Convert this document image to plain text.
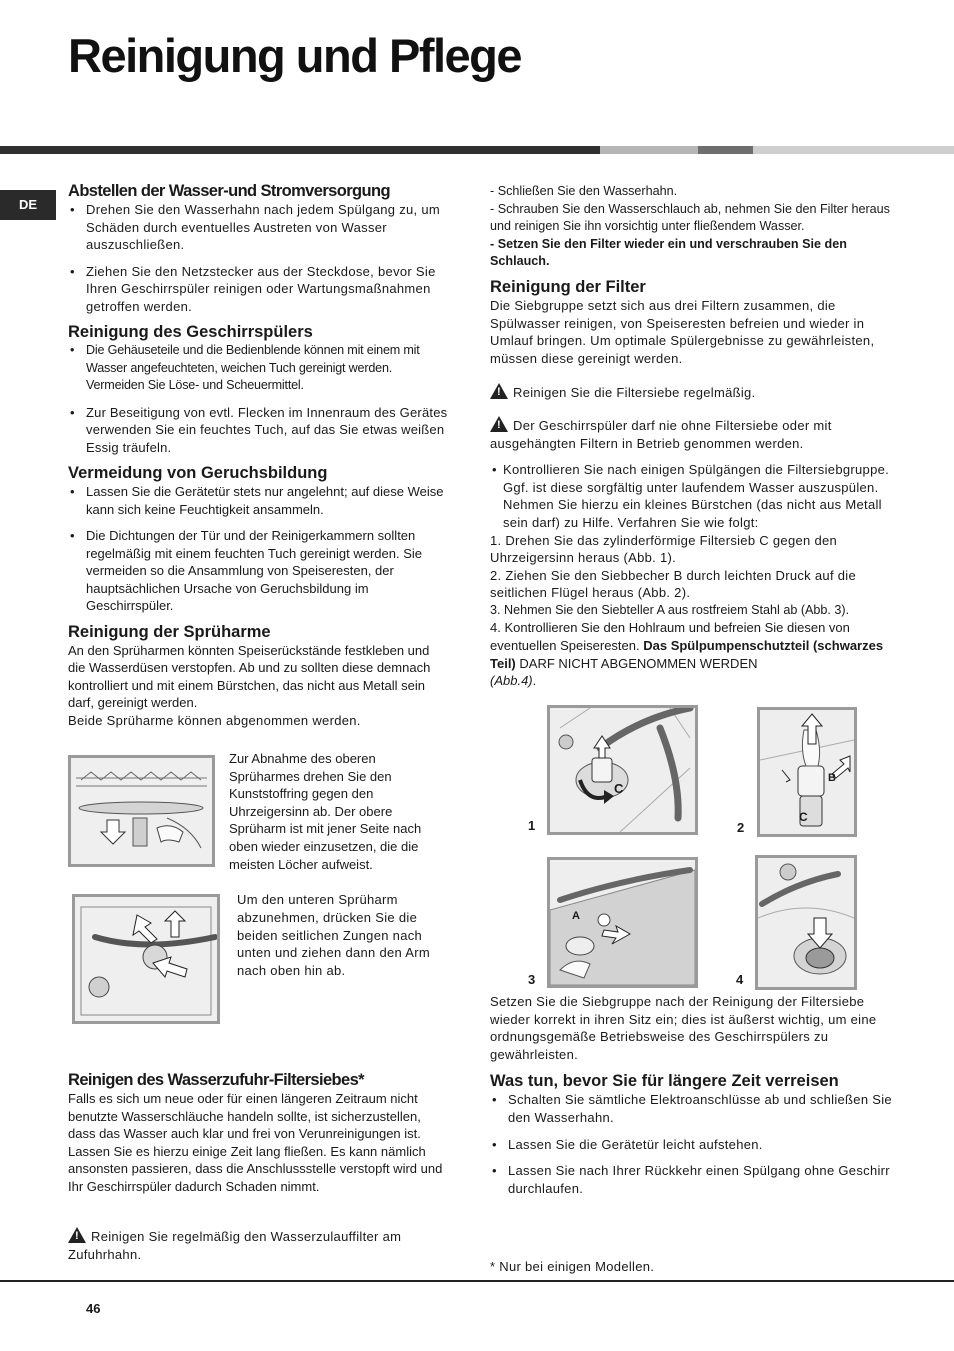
Reinigung und Pflege
DE

Abstellen der Wasser-und Stromversorgung

• Drehen Sie den Wasserhahn nach jedem Spülgang zu, um Schäden durch eventuelles Austreten von Wasser auszuschließen.
• Ziehen Sie den Netzstecker aus der Steckdose, bevor Sie Ihren Geschirrspüler reinigen oder Wartungsmaßnahmen getroffen werden.

Reinigung des Geschirrspülers

• Die Gehäuseteile und die Bedienblende können mit einem mit Wasser angefeuchteten, weichen Tuch gereinigt werden. Vermeiden Sie Löse- und Scheuermittel.
• Zur Beseitigung von evtl. Flecken im Innenraum des Gerätes verwenden Sie ein feuchtes Tuch, auf das Sie etwas weißen Essig träufeln.

Vermeidung von Geruchsbildung

• Lassen Sie die Gerätetür stets nur angelehnt; auf diese Weise kann sich keine Feuchtigkeit ansammeln.
• Die Dichtungen der Tür und der Reinigerkammern sollten regelmäßig mit einem feuchten Tuch gereinigt werden. Sie vermeiden so die Ansammlung von Speiseresten, der hauptsächlichen Ursache von Geruchsbildung im Geschirrspüler.

Reinigung der Sprüharme

An den Sprüharmen könnten Speiserückstände festkleben und die Wasserdüsen verstopfen. Ab und zu sollten diese demnach kontrolliert und mit einem Bürstchen, das nicht aus Metall sein darf, gereinigt werden.

Beide Sprüharme können abgenommen werden.

Zur Abnahme des oberen Sprüharmes drehen Sie den Kunststoffring gegen den Uhrzeigersinn ab. Der obere Sprüharm ist mit jener Seite nach oben wieder einzusetzen, die die meisten Löcher aufweist.
Um den unteren Sprüharm abzunehmen, drücken Sie die beiden seitlichen Zungen nach unten und ziehen dann den Arm nach oben hin ab.

Reinigen des Wasserzufuhr-Filtersiebes*

Falls es sich um neue oder für einen längeren Zeitraum nicht benutzte Wasserschläuche handeln sollte, ist sicherzustellen, dass das Wasser auch klar und frei von Verunreinigungen ist. Lassen Sie es hierzu einige Zeit lang fließen. Es kann nämlich ansonsten passieren, dass die Anschlussstelle verstopft wird und Ihr Geschirrspüler dadurch Schaden nimmt.

!Reinigen Sie regelmäßig den Wasserzulauffilter am Zufuhrhahn.

- Schließen Sie den Wasserhahn.

- Schrauben Sie den Wasserschlauch ab, nehmen Sie den Filter heraus und reinigen Sie ihn vorsichtig unter fließendem Wasser.

- Setzen Sie den Filter wieder ein und verschrauben Sie den Schlauch.

Reinigung der Filter

Die Siebgruppe setzt sich aus drei Filtern zusammen, die Spülwasser reinigen, von Speiseresten befreien und wieder in Umlauf bringen. Um optimale Spülergebnisse zu gewährleisten, müssen diese gereinigt werden.

!Reinigen Sie die Filtersiebe regelmäßig.

!Der Geschirrspüler darf nie ohne Filtersiebe oder mit ausgehängten Filtern in Betrieb genommen werden.

• Kontrollieren Sie nach einigen Spülgängen die Filtersiebgruppe. Ggf. ist diese sorgfältig unter laufendem Wasser auszuspülen. Nehmen Sie hierzu ein kleines Bürstchen (das nicht aus Metall sein darf) zu Hilfe. Verfahren Sie wie folgt:

1. Drehen Sie das zylinderförmige Filtersieb C gegen den Uhrzeigersinn heraus (Abb. 1).

2. Ziehen Sie den Siebbecher B durch leichten Druck auf die seitlichen Flügel heraus (Abb. 2).

3. Nehmen Sie den Siebteller A aus rostfreiem Stahl ab (Abb. 3).

4. Kontrollieren Sie den Hohlraum und befreien Sie diesen von eventuellen Speiseresten. Das Spülpumpenschutzteil (schwarzes Teil) DARF NICHT ABGENOMMEN WERDEN
(Abb.4).

C
1
B
C
2
A
3	4

Setzen Sie die Siebgruppe nach der Reinigung der Filtersiebe wieder korrekt in ihren Sitz ein; dies ist äußerst wichtig, um eine ordnungsgemäße Betriebsweise des Geschirrspülers zu gewährleisten.

Was tun, bevor Sie für längere Zeit verreisen

• Schalten Sie sämtliche Elektroanschlüsse ab und schließen Sie den Wasserhahn.
• Lassen Sie die Gerätetür leicht aufstehen.
• Lassen Sie nach Ihrer Rückkehr einen Spülgang ohne Geschirr durchlaufen.
* Nur bei einigen Modellen.
46
